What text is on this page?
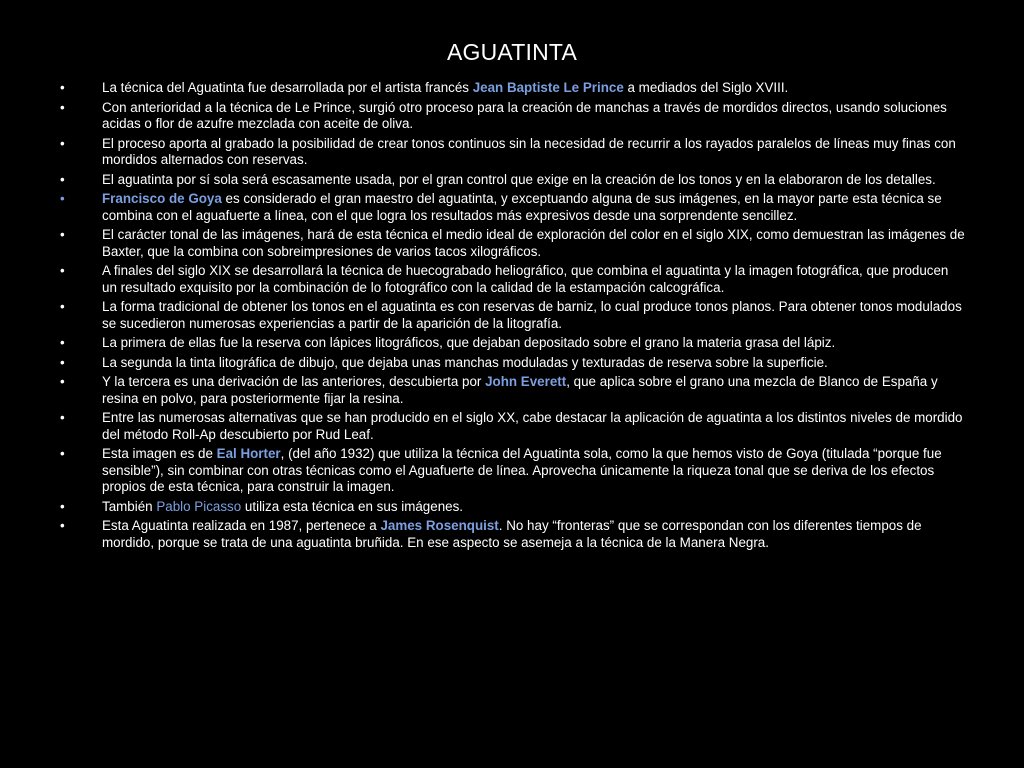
AGUATINTA
•	La técnica del Aguatinta fue desarrollada por el artista francés Jean Baptiste Le Prince a mediados del Siglo XVIII.
•	Con anterioridad a la técnica de Le Prince, surgió otro proceso para la creación de manchas a través de mordidos directos, usando soluciones acidas o flor de azufre mezclada con aceite de oliva.
•	El proceso aporta al grabado la posibilidad de crear tonos continuos sin la necesidad de recurrir a los rayados paralelos de líneas muy finas con mordidos alternados con reservas.
•	El aguatinta por sí sola será escasamente usada, por el gran control que exige en la creación de los tonos y en la elaboraron de los detalles.
•	Francisco de Goya es considerado el gran maestro del aguatinta, y exceptuando alguna de sus imágenes, en la mayor parte esta técnica se combina con el aguafuerte a línea, con el que logra los resultados más expresivos desde una sorprendente sencillez.
•	El carácter tonal de las imágenes, hará de esta técnica el medio ideal de exploración del color en el siglo XIX, como demuestran las imágenes de Baxter, que la combina con sobreimpresiones de varios tacos xilográficos.
•	A finales del siglo XIX se desarrollará la técnica de huecograbado heliográfico, que combina el aguatinta y la imagen fotográfica, que producen un resultado exquisito por la combinación de lo fotográfico con la calidad de la estampación calcográfica.
•	La forma tradicional de obtener los tonos en el aguatinta es con reservas de barniz, lo cual produce tonos planos. Para obtener tonos modulados se sucedieron numerosas experiencias a partir de la aparición de la litografía.
•	La primera de ellas fue la reserva con lápices litográficos, que dejaban depositado sobre el grano la materia grasa del lápiz.
•	La segunda la tinta litográfica de dibujo, que dejaba unas manchas moduladas y texturadas de reserva sobre la superficie.
•	Y la tercera es una derivación de las anteriores, descubierta por John Everett, que aplica sobre el grano una mezcla de Blanco de España y resina en polvo, para posteriormente fijar la resina.
•	Entre las numerosas alternativas que se han producido en el siglo XX, cabe destacar la aplicación de aguatinta a los distintos niveles de mordido del método Roll-Ap descubierto por Rud Leaf.
•	Esta imagen es de Eal Horter, (del año 1932) que utiliza la técnica del Aguatinta sola, como la que hemos visto de Goya (titulada “porque fue sensible”), sin combinar con otras técnicas como el Aguafuerte de línea. Aprovecha únicamente la riqueza tonal que se deriva de los efectos propios de esta técnica, para construir la imagen.
•	También Pablo Picasso utiliza esta técnica en sus imágenes.
•	Esta Aguatinta realizada en 1987, pertenece a James Rosenquist. No hay “fronteras” que se correspondan con los diferentes tiempos de mordido, porque se trata de una aguatinta bruñida. En ese aspecto se asemeja a la técnica de la Manera Negra.
